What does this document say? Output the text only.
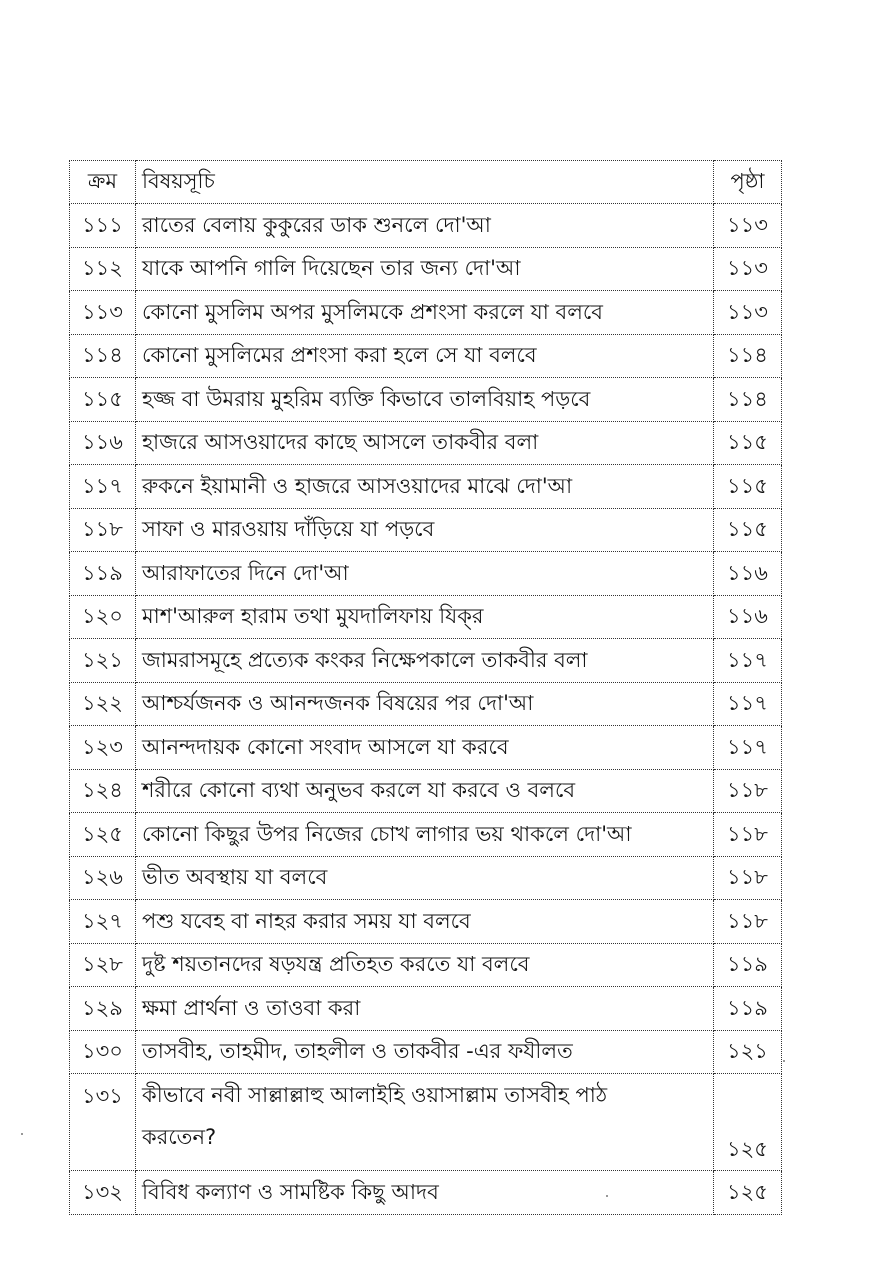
ক্রম	বিষয়সূচি	পৃষ্ঠা
১১১	রাতের বেলায় কুকুরের ডাক শুনলে দো'আ	১১৩
১১২	যাকে আপনি গালি দিয়েছেন তার জন্য দো'আ	১১৩
১১৩	কোনো মুসলিম অপর মুসলিমকে প্রশংসা করলে যা বলবে	১১৩
১১৪	কোনো মুসলিমের প্রশংসা করা হলে সে যা বলবে	১১৪
১১৫	হজ্জ বা উমরায় মুহরিম ব্যক্তি কিভাবে তালবিয়াহ পড়বে	১১৪
১১৬	হাজরে আসওয়াদের কাছে আসলে তাকবীর বলা	১১৫
১১৭	রুকনে ইয়ামানী ও হাজরে আসওয়াদের মাঝে দো'আ	১১৫
১১৮	সাফা ও মারওয়ায় দাঁড়িয়ে যা পড়বে	১১৫
১১৯	আরাফাতের দিনে দো'আ	১১৬
১২০	মাশ'আরুল হারাম তথা মুযদালিফায় যিক্‌র	১১৬
১২১	জামরাসমূহে প্রত্যেক কংকর নিক্ষেপকালে তাকবীর বলা	১১৭
১২২	আশ্চর্যজনক ও আনন্দজনক বিষয়ের পর দো'আ	১১৭
১২৩	আনন্দদায়ক কোনো সংবাদ আসলে যা করবে	১১৭
১২৪	শরীরে কোনো ব্যথা অনুভব করলে যা করবে ও বলবে	১১৮
১২৫	কোনো কিছুর উপর নিজের চোখ লাগার ভয় থাকলে দো'আ	১১৮
১২৬	ভীত অবস্থায় যা বলবে	১১৮
১২৭	পশু যবেহ বা নাহর করার সময় যা বলবে	১১৮
১২৮	দুষ্ট শয়তানদের ষড়যন্ত্র প্রতিহত করতে যা বলবে	১১৯
১২৯	ক্ষমা প্রার্থনা ও তাওবা করা	১১৯
১৩০	তাসবীহ, তাহমীদ, তাহলীল ও তাকবীর -এর ফযীলত	১২১
১৩১	কীভাবে নবী সাল্লাল্লাহু আলাইহি ওয়াসাল্লাম তাসবীহ পাঠ
করতেন?	১২৫
১৩২	বিবিধ কল্যাণ ও সামষ্টিক কিছু আদব	১২৫
